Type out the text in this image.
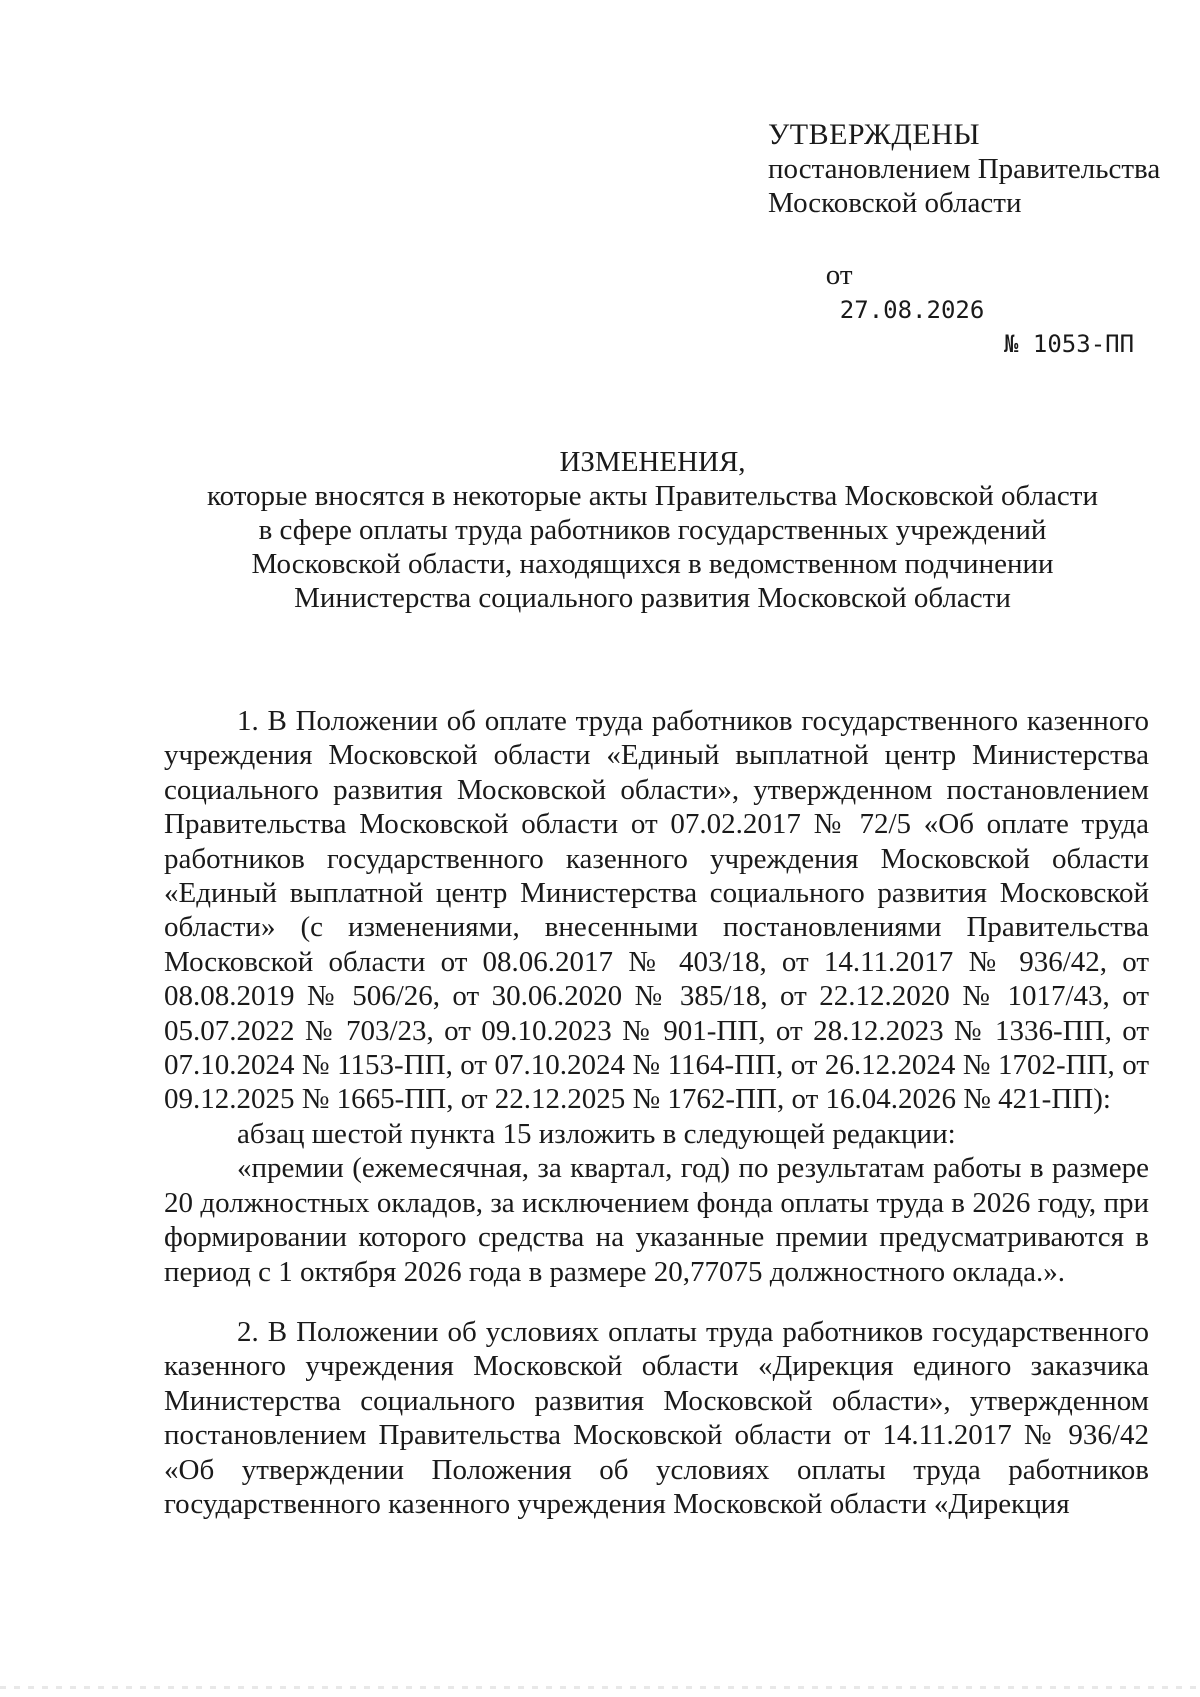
УТВЕРЖДЕНЫ
постановлением Правительства
Московской области

от
27.08.2026

№ 1053-ПП

ИЗМЕНЕНИЯ,
которые вносятся в некоторые акты Правительства Московской области
в сфере оплаты труда работников государственных учреждений
Московской области, находящихся в ведомственном подчинении
Министерства социального развития Московской области

1. В Положении об оплате труда работников государственного казенного учреждения Московской области «Единый выплатной центр Министерства социального развития Московской области», утвержденном постановлением Правительства Московской области от 07.02.2017 № 72/5 «Об оплате труда работников государственного казенного учреждения Московской области «Единый выплатной центр Министерства социального развития Московской области» (с изменениями, внесенными постановлениями Правительства Московской области от 08.06.2017 № 403/18, от 14.11.2017 № 936/42, от 08.08.2019 № 506/26, от 30.06.2020 № 385/18, от 22.12.2020 № 1017/43, от 05.07.2022 № 703/23, от 09.10.2023 № 901-ПП, от 28.12.2023 № 1336-ПП, от 07.10.2024 № 1153-ПП, от 07.10.2024 № 1164-ПП, от 26.12.2024 № 1702-ПП, от 09.12.2025 № 1665-ПП, от 22.12.2025 № 1762-ПП, от 16.04.2026 № 421-ПП):

абзац шестой пункта 15 изложить в следующей редакции:

«премии (ежемесячная, за квартал, год) по результатам работы в размере 20 должностных окладов, за исключением фонда оплаты труда в 2026 году, при формировании которого средства на указанные премии предусматриваются в период с 1 октября 2026 года в размере 20,77075 должностного оклада.».

2. В Положении об условиях оплаты труда работников государственного казенного учреждения Московской области «Дирекция единого заказчика Министерства социального развития Московской области», утвержденном постановлением Правительства Московской области от 14.11.2017 № 936/42 «Об утверждении Положения об условиях оплаты труда работников государственного казенного учреждения Московской области «Дирекция
